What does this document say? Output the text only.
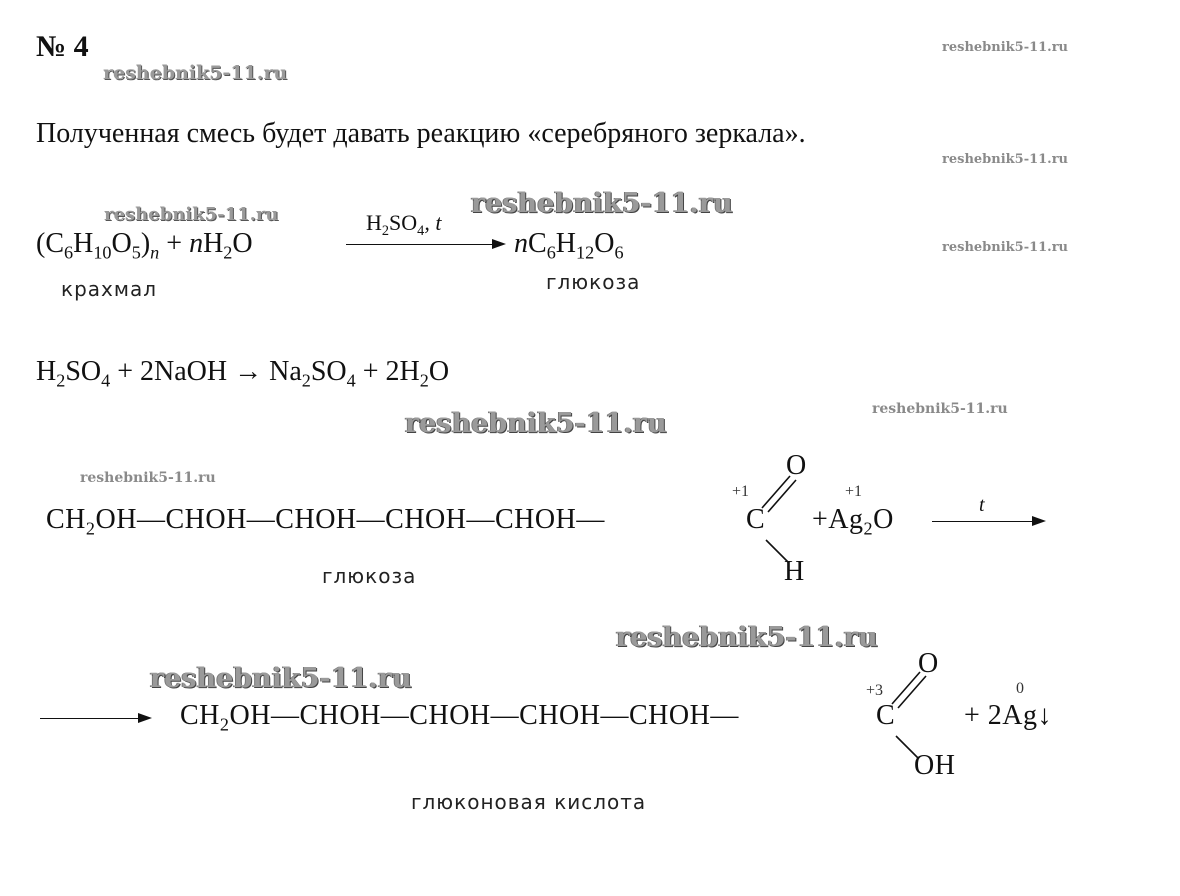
№ 4	reshebnik5-11.ru
reshebnik5-11.ru
reshebnik5-11.ru
reshebnik5-11.ru
reshebnik5-11.ru
reshebnik5-11.ru
reshebnik5-11.ru
reshebnik5-11.ru
reshebnik5-11.ru
reshebnik5-11.ru
reshebnik5-11.ru
Полученная смесь будет давать реакцию «серебряного зеркала».
$(C_6H_{10}O_5)_n + nH_2O$
$H_2SO_4$, t
$nC_6H_{12}O_6$
крахмал	глюкоза
$H_2SO_4$ + 2NaOH → $Na_2SO_4 + 2H_2O$
$CH_2OH—CHOH—CHOH—CHOH—CHOH—$	C
+1
O
H
+1
$+Ag_2O$	t
глюкоза
$CH_2OH—CHOH—CHOH—CHOH—CHOH—$	C
+3
O
OH
0
+ 2Ag↓
глюконовая кислота
